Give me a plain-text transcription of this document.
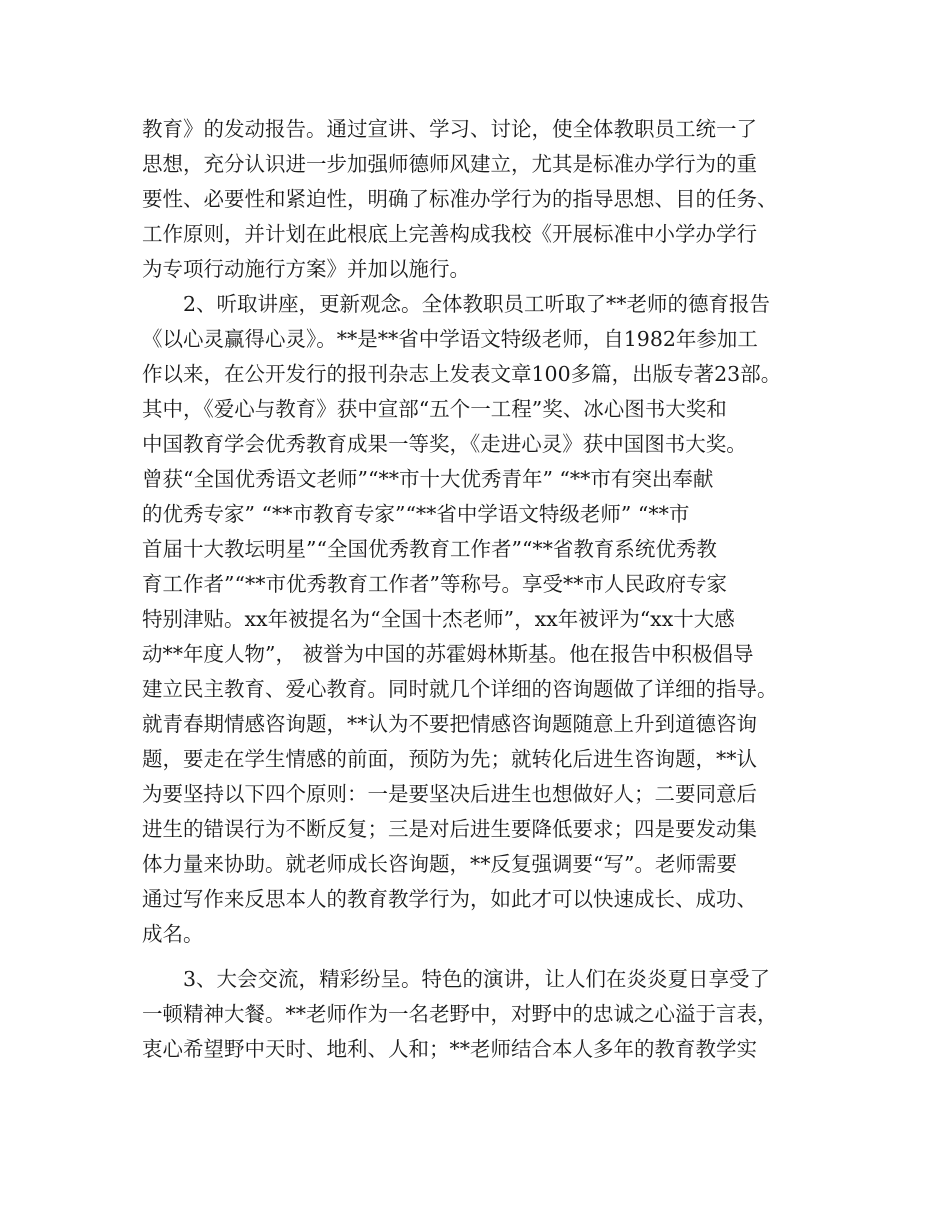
教育》的发动报告。通过宣讲、学习、讨论，使全体教职员工统一了
思想，充分认识进一步加强师德师风建立，尤其是标准办学行为的重
要性、必要性和紧迫性，明确了标准办学行为的指导思想、目的任务、
工作原则，并计划在此根底上完善构成我校《开展标准中小学办学行
为专项行动施行方案》并加以施行。
　　2、听取讲座，更新观念。全体教职员工听取了**老师的德育报告
《以心灵赢得心灵》。**是**省中学语文特级老师，自1982年参加工
作以来，在公开发行的报刊杂志上发表文章100多篇，出版专著23部。
其中，《爱心与教育》获中宣部“五个一工程”奖、冰心图书大奖和
中国教育学会优秀教育成果一等奖，《走进心灵》获中国图书大奖。
曾获“全国优秀语文老师”“**市十大优秀青年” “**市有突出奉献
的优秀专家” “**市教育专家”“**省中学语文特级老师” “**市
首届十大教坛明星”“全国优秀教育工作者”“**省教育系统优秀教
育工作者”“**市优秀教育工作者”等称号。享受**市人民政府专家
特别津贴。xx年被提名为“全国十杰老师”，xx年被评为“xx十大感
动**年度人物”， 被誉为中国的苏霍姆林斯基。他在报告中积极倡导
建立民主教育、爱心教育。同时就几个详细的咨询题做了详细的指导。
就青春期情感咨询题，**认为不要把情感咨询题随意上升到道德咨询
题，要走在学生情感的前面，预防为先；就转化后进生咨询题，**认
为要坚持以下四个原则：一是要坚决后进生也想做好人；二要同意后
进生的错误行为不断反复；三是对后进生要降低要求；四是要发动集
体力量来协助。就老师成长咨询题，**反复强调要“写”。老师需要
通过写作来反思本人的教育教学行为，如此才可以快速成长、成功、
成名。
　　3、大会交流，精彩纷呈。特色的演讲，让人们在炎炎夏日享受了
一顿精神大餐。**老师作为一名老野中，对野中的忠诚之心溢于言表，
衷心希望野中天时、地利、人和；**老师结合本人多年的教育教学实
